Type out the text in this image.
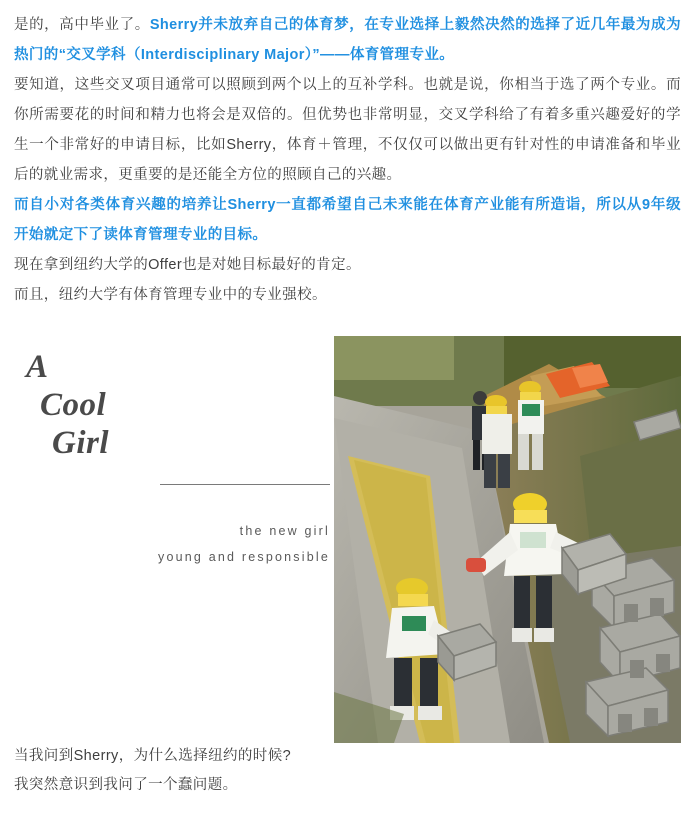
是的，高中毕业了。Sherry并未放弃自己的体育梦，在专业选择上毅然决然的选择了近几年最为成为热门的“交叉学科（Interdisciplinary Major）”——体育管理专业。

要知道，这些交叉项目通常可以照顾到两个以上的互补学科。也就是说，你相当于选了两个专业。而你所需要花的时间和精力也将会是双倍的。但优势也非常明显，交叉学科给了有着多重兴趣爱好的学生一个非常好的申请目标，比如Sherry，体育＋管理，不仅仅可以做出更有针对性的申请准备和毕业后的就业需求，更重要的是还能全方位的照顾自己的兴趣。

而自小对各类体育兴趣的培养让Sherry一直都希望自己未来能在体育产业能有所造诣，所以从9年级开始就定下了读体育管理专业的目标。

现在拿到纽约大学的Offer也是对她目标最好的肯定。

而且，纽约大学有体育管理专业中的专业强校。

A
Cool
Girl
the new girl
young and responsible

当我问到Sherry，为什么选择纽约的时候?

我突然意识到我问了一个蠢问题。
